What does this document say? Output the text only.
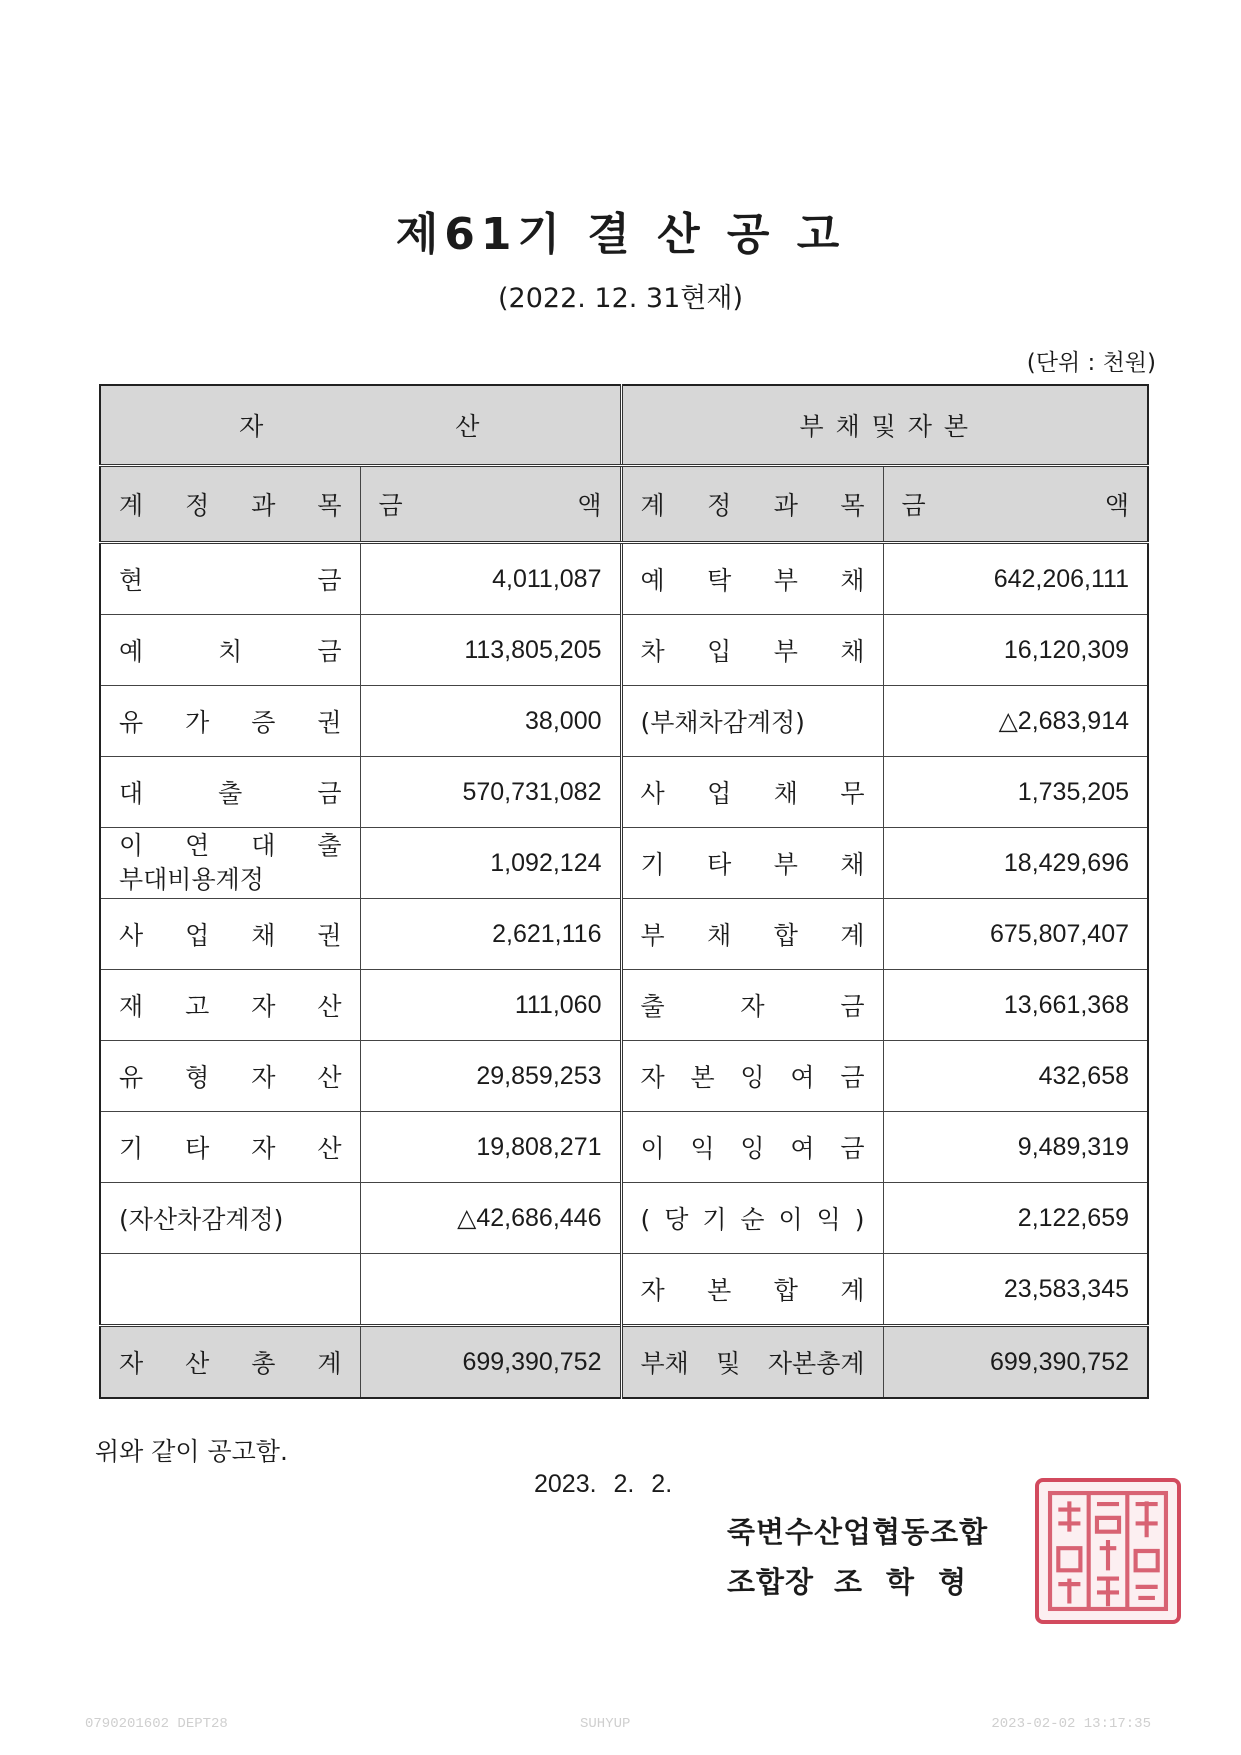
제61기 결 산 공 고
(2022. 12. 31현재)
(단위 : 천원)
자 산		부 채 및 자 본	
계 정 과 목	금 액	계 정 과 목	금 액

현 금	4,011,087	예 탁 부 채	642,206,111
예 치 금	113,805,205	차 입 부 채	16,120,309
유 가 증 권	38,000	(부채차감계정)	△2,683,914
대 출 금	570,731,082	사 업 채 무	1,735,205

이 연 대 출
부대비용계정	1,092,124	기 타 부 채	18,429,696
사 업 채 권	2,621,116	부 채 합 계	675,807,407
재 고 자 산	111,060	출 자 금	13,661,368
유 형 자 산	29,859,253	자 본 잉 여 금	432,658
기 타 자 산	19,808,271	이 익 잉 여 금	9,489,319
(자산차감계정)	△42,686,446	( 당 기 순 이 익 )	2,122,659
		자 본 합 계	23,583,345
자 산 총 계	699,390,752	부채 및 자본총계	699,390,752
위와 같이 공고함.
2023. 2. 2.
죽변수산업협동조합
조합장 조학형
0790201602 DEPT28	SUHYUP	2023-02-02 13:17:35
